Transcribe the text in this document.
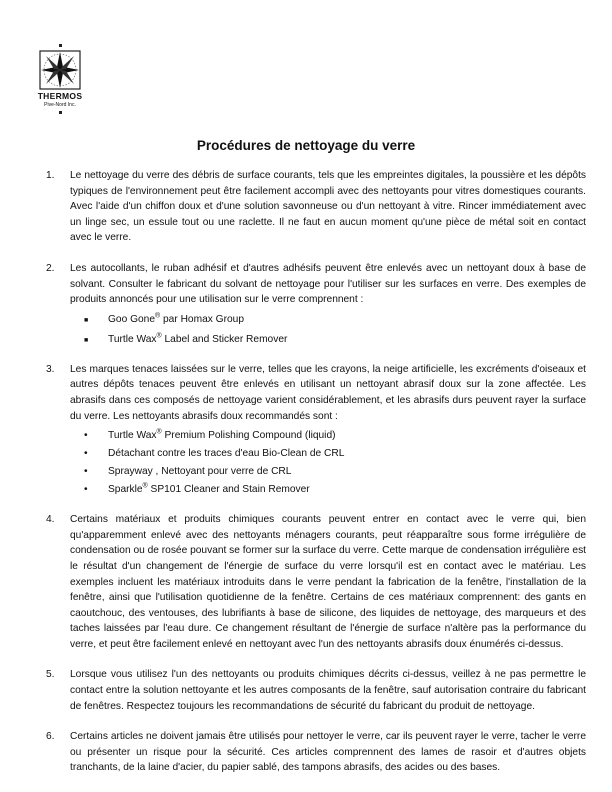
THERMOS
Pive-Nord Inc.
Procédures de nettoyage du verre
1. Le nettoyage du verre des débris de surface courants, tels que les empreintes digitales, la poussière et les dépôts typiques de l'environnement peut être facilement accompli avec des nettoyants pour vitres domestiques courants. Avec l'aide d'un chiffon doux et d'une solution savonneuse ou d'un nettoyant à vitre. Rincer immédiatement avec un linge sec, un essule tout ou une raclette. Il ne faut en aucun moment qu'une pièce de métal soit en contact avec le verre.
2. Les autocollants, le ruban adhésif et d'autres adhésifs peuvent être enlevés avec un nettoyant doux à base de solvant. Consulter le fabricant du solvant de nettoyage pour l'utiliser sur les surfaces en verre. Des exemples de produits annoncés pour une utilisation sur le verre comprennent :
■ Goo Gone® par Homax Group
■ Turtle Wax® Label and Sticker Remover
3. Les marques tenaces laissées sur le verre, telles que les crayons, la neige artificielle, les excréments d'oiseaux et autres dépôts tenaces peuvent être enlevés en utilisant un nettoyant abrasif doux sur la zone affectée. Les abrasifs dans ces composés de nettoyage varient considérablement, et les abrasifs durs peuvent rayer la surface du verre. Les nettoyants abrasifs doux recommandés sont :
• Turtle Wax® Premium Polishing Compound (liquid)
• Détachant contre les traces d'eau Bio-Clean de CRL
• Sprayway , Nettoyant pour verre de CRL
• Sparkle® SP101 Cleaner and Stain Remover
4. Certains matériaux et produits chimiques courants peuvent entrer en contact avec le verre qui, bien qu'apparemment enlevé avec des nettoyants ménagers courants, peut réapparaître sous forme irrégulière de condensation ou de rosée pouvant se former sur la surface du verre. Cette marque de condensation irrégulière est le résultat d'un changement de l'énergie de surface du verre lorsqu'il est en contact avec le matériau. Les exemples incluent les matériaux introduits dans le verre pendant la fabrication de la fenêtre, l'installation de la fenêtre, ainsi que l'utilisation quotidienne de la fenêtre. Certains de ces matériaux comprennent: des gants en caoutchouc, des ventouses, des lubrifiants à base de silicone, des liquides de nettoyage, des marqueurs et des taches laissées par l'eau dure. Ce changement résultant de l'énergie de surface n'altère pas la performance du verre, et peut être facilement enlevé en nettoyant avec l'un des nettoyants abrasifs doux énumérés ci-dessus.
5. Lorsque vous utilisez l'un des nettoyants ou produits chimiques décrits ci-dessus, veillez à ne pas permettre le contact entre la solution nettoyante et les autres composants de la fenêtre, sauf autorisation contraire du fabricant de fenêtres. Respectez toujours les recommandations de sécurité du fabricant du produit de nettoyage.
6. Certains articles ne doivent jamais être utilisés pour nettoyer le verre, car ils peuvent rayer le verre, tacher le verre ou présenter un risque pour la sécurité. Ces articles comprennent des lames de rasoir et d'autres objets tranchants, de la laine d'acier, du papier sablé, des tampons abrasifs, des acides ou des bases.
